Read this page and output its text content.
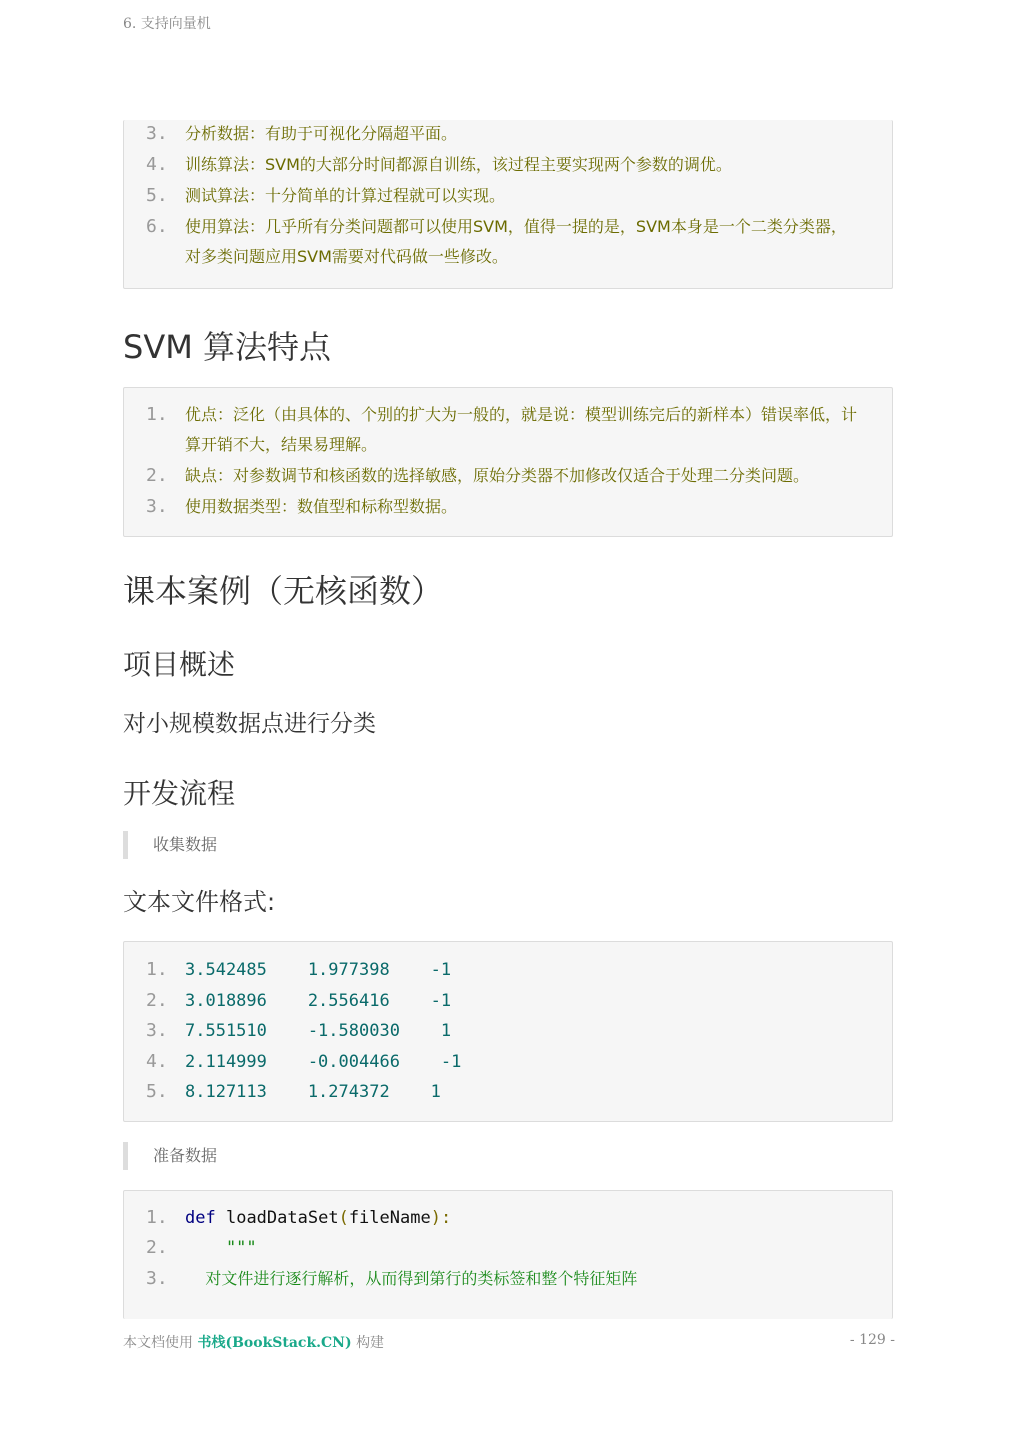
6. 支持向量机
3. 分析数据：有助于可视化分隔超平面。
4. 训练算法：SVM的大部分时间都源自训练，该过程主要实现两个参数的调优。
5. 测试算法：十分简单的计算过程就可以实现。
6. 使用算法：几乎所有分类问题都可以使用SVM，值得一提的是，SVM本身是一个二类分类器，对多类问题应用SVM需要对代码做一些修改。
SVM 算法特点
1. 优点：泛化（由具体的、个别的扩大为一般的，就是说：模型训练完后的新样本）错误率低，计算开销不大，结果易理解。
2. 缺点：对参数调节和核函数的选择敏感，原始分类器不加修改仅适合于处理二分类问题。
3. 使用数据类型：数值型和标称型数据。
课本案例（无核函数）
项目概述

对小规模数据点进行分类

开发流程
收集数据
文本文件格式:
1. 3.542485    1.977398    -1
2. 3.018896    2.556416    -1
3. 7.551510    -1.580030    1
4. 2.114999    -0.004466    -1
5. 8.127113    1.274372    1
准备数据
1. def loadDataSet(fileName):
2. """
3. 对文件进行逐行解析，从而得到第行的类标签和整个特征矩阵
本文档使用 书栈(BookStack.CN) 构建	- 129 -
